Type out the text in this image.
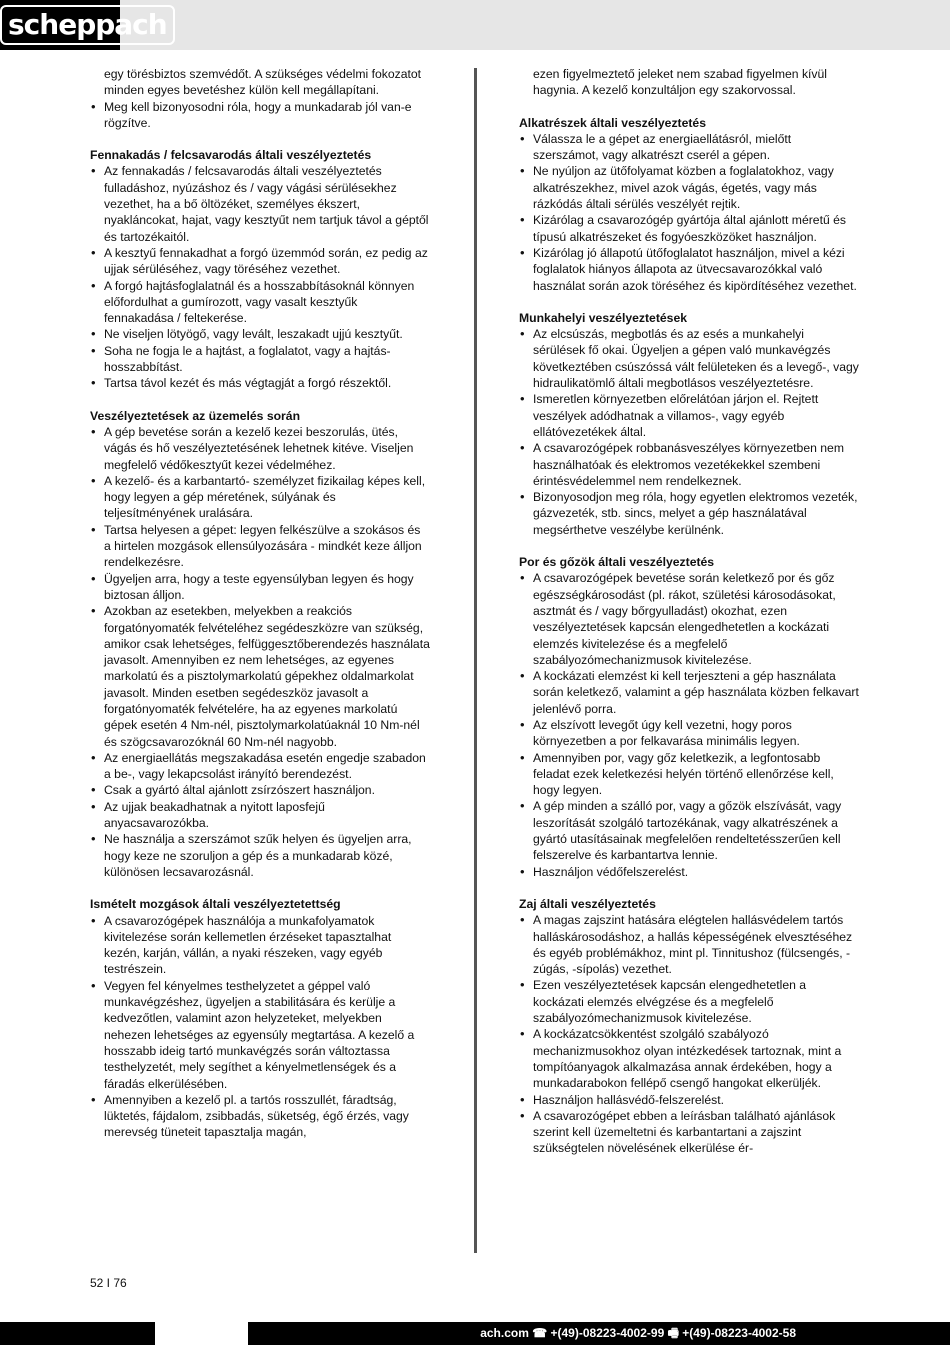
scheppach
egy törésbiztos szemvédőt. A szükséges védelmi fokozatot minden egyes bevetéshez külön kell megállapítani.
• Meg kell bizonyosodni róla, hogy a munkadarab jól van-e rögzítve.
Fennakadás / felcsavarodás általi veszélyeztetés
• Az fennakadás / felcsavarodás általi veszélyeztetés fulladáshoz, nyúzáshoz és / vagy vágási sérülésekhez vezethet, ha a bő öltözéket, személyes ékszert, nyakláncokat, hajat, vagy kesztyűt nem tartjuk távol a géptől és tartozékaitól.
• A kesztyű fennakadhat a forgó üzemmód során, ez pedig az ujjak sérüléséhez, vagy töréséhez vezethet.
• A forgó hajtásfoglalatnál és a hosszabbításoknál könnyen előfordulhat a gumírozott, vagy vasalt kesztyűk fennakadása / feltekerése.
• Ne viseljen lötyögő, vagy levált, leszakadt ujjú kesztyűt.
• Soha ne fogja le a hajtást, a foglalatot, vagy a hajtás- hosszabbítást.
• Tartsa távol kezét és más végtagját a forgó részektől.
Veszélyeztetések az üzemelés során
• A gép bevetése során a kezelő kezei beszorulás, ütés, vágás és hő veszélyeztetésének lehetnek kitéve. Viseljen megfelelő védőkesztyűt kezei védelméhez.
• A kezelő- és a karbantartó- személyzet fizikailag képes kell, hogy legyen a gép méretének, súlyának és teljesítményének uralására.
• Tartsa helyesen a gépet: legyen felkészülve a szokásos és a hirtelen mozgások ellensúlyozására - mindkét keze álljon rendelkezésre.
• Ügyeljen arra, hogy a teste egyensúlyban legyen és hogy biztosan álljon.
• Azokban az esetekben, melyekben a reakciós forgatónyomaték felvételéhez segédeszközre van szükség, amikor csak lehetséges, felfüggesztőberendezés használata javasolt. Amennyiben ez nem lehetséges, az egyenes markolatú és a pisztolymarkolatú gépekhez oldalmarkolat javasolt. Minden esetben segédeszköz javasolt a forgatónyomaték felvételére, ha az egyenes markolatú gépek esetén 4 Nm-nél, pisztolymarkolatúaknál 10 Nm-nél és szögcsavarozóknál 60 Nm-nél nagyobb.
• Az energiaellátás megszakadása esetén engedje szabadon a be-, vagy lekapcsolást irányító berendezést.
• Csak a gyártó által ajánlott zsírzószert használjon.
• Az ujjak beakadhatnak a nyitott laposfejű anyacsavarozókba.
• Ne használja a szerszámot szűk helyen és ügyeljen arra, hogy keze ne szoruljon a gép és a munkadarab közé, különösen lecsavarozásnál.
Ismételt mozgások általi veszélyeztetettség
• A csavarozógépek használója a munkafolyamatok kivitelezése során kellemetlen érzéseket tapasztalhat kezén, karján, vállán, a nyaki részeken, vagy egyéb testrészein.
• Vegyen fel kényelmes testhelyzetet a géppel való munkavégzéshez, ügyeljen a stabilitására és kerülje a kedvezőtlen, valamint azon helyzeteket, melyekben nehezen lehetséges az egyensúly megtartása. A kezelő a hosszabb ideig tartó munkavégzés során változtassa testhelyzetét, mely segíthet a kényelmetlenségek és a fáradás elkerülésében.
• Amennyiben a kezelő pl. a tartós rosszullét, fáradtság, lüktetés, fájdalom, zsibbadás, süketség, égő érzés, vagy merevség tüneteit tapasztalja magán,
ezen figyelmeztető jeleket nem szabad figyelmen kívül hagynia. A kezelő konzultáljon egy szakorvossal.
Alkatrészek általi veszélyeztetés
• Válassza le a gépet az energiaellátásról, mielőtt szerszámot, vagy alkatrészt cserél a gépen.
• Ne nyúljon az ütőfolyamat közben a foglalatokhoz, vagy alkatrészekhez, mivel azok vágás, égetés, vagy más rázkódás általi sérülés veszélyét rejtik.
• Kizárólag a csavarozógép gyártója által ajánlott méretű és típusú alkatrészeket és fogyóeszközöket használjon.
• Kizárólag jó állapotú ütőfoglalatot használjon, mivel a kézi foglalatok hiányos állapota az ütvecsavarozókkal való használat során azok töréséhez és kipördítéséhez vezethet.
Munkahelyi veszélyeztetések
• Az elcsúszás, megbotlás és az esés a munkahelyi sérülések fő okai. Ügyeljen a gépen való munkavégzés következtében csúszóssá vált felületeken és a levegő-, vagy hidraulikatömlő általi megbotlásos veszélyeztetésre.
• Ismeretlen környezetben előrelátóan járjon el. Rejtett veszélyek adódhatnak a villamos-, vagy egyéb ellátóvezetékek által.
• A csavarozógépek robbanásveszélyes környezetben nem használhatóak és elektromos vezetékekkel szembeni érintésvédelemmel nem rendelkeznek.
• Bizonyosodjon meg róla, hogy egyetlen elektromos vezeték, gázvezeték, stb. sincs, melyet a gép használatával megsérthetve veszélybe kerülnénk.
Por és gőzök általi veszélyeztetés
• A csavarozógépek bevetése során keletkező por és gőz egészségkárosodást (pl. rákot, születési károsodásokat, asztmát és / vagy bőrgyulladást) okozhat, ezen veszélyeztetések kapcsán elengedhetetlen a kockázati elemzés kivitelezése és a megfelelő szabályozómechanizmusok kivitelezése.
• A kockázati elemzést ki kell terjeszteni a gép használata során keletkező, valamint a gép használata közben felkavart jelenlévő porra.
• Az elszívott levegőt úgy kell vezetni, hogy poros környezetben a por felkavarása minimális legyen.
• Amennyiben por, vagy gőz keletkezik, a legfontosabb feladat ezek keletkezési helyén történő ellenőrzése kell, hogy legyen.
• A gép minden a szálló por, vagy a gőzök elszívását, vagy leszorítását szolgáló tartozékának, vagy alkatrészének a gyártó utasításainak megfelelően rendeltetésszerűen kell felszerelve és karbantartva lennie.
• Használjon védőfelszerelést.
Zaj általi veszélyeztetés
• A magas zajszint hatására elégtelen hallásvédelem tartós halláskárosodáshoz, a hallás képességének elvesztéséhez és egyéb problémákhoz, mint pl. Tinnitushoz (fülcsengés, -zúgás, -sípolás) vezethet.
• Ezen veszélyeztetések kapcsán elengedhetetlen a kockázati elemzés elvégzése és a megfelelő szabályozómechanizmusok kivitelezése.
• A kockázatcsökkentést szolgáló szabályozó mechanizmusokhoz olyan intézkedések tartoznak, mint a tompítóanyagok alkalmazása annak érdekében, hogy a munkadarabokon fellépő csengő hangokat elkerüljék.
• Használjon hallásvédő-felszerelést.
• A csavarozógépet ebben a leírásban található ajánlások szerint kell üzemeltetni és karbantartani a zajszint szükségtelen növelésének elkerülése ér-
52 I 76
ach.com ☎ +(49)-08223-4002-99 🖷 +(49)-08223-4002-58
